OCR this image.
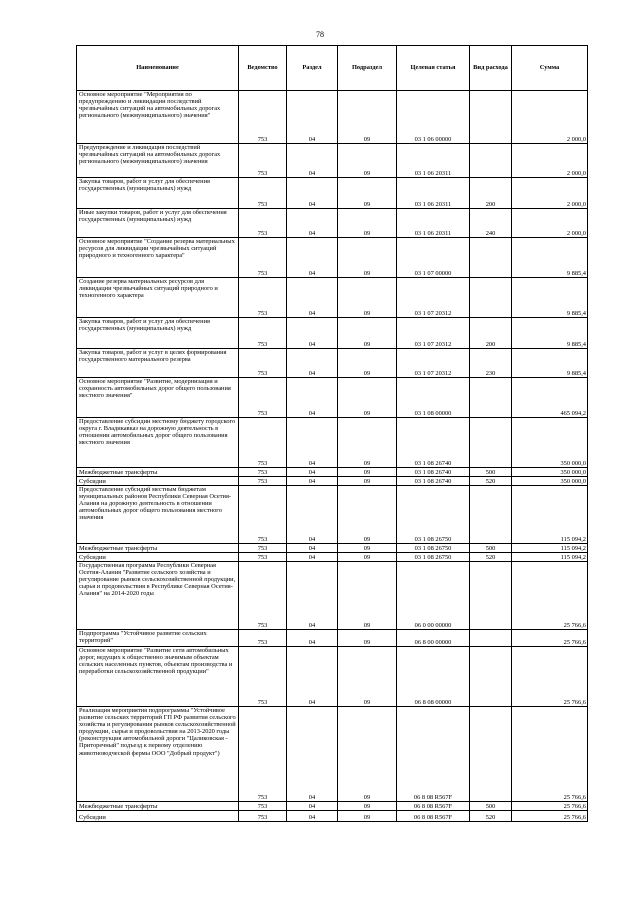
78
Наименование	Ведомство	Раздел	Подраздел	Целевая статья	Вид расхода	Сумма
Основное мероприятие "Мероприятия по предупреждению и ликвидации последствий чрезвычайных ситуаций на автомобильных дорогах регионального (межмуниципального) значения"	753	04	09	03 1 06 00000		2 000,0
Предупреждение и ликвидация последствий чрезвычайных ситуаций на автомобильных дорогах регионального (межмуниципального) значения	753	04	09	03 1 06 20311		2 000,0
Закупка товаров, работ и услуг для обеспечения государственных (муниципальных) нужд	753	04	09	03 1 06 20311	200	2 000,0
Иные закупки товаров, работ и услуг для обеспечения государственных (муниципальных) нужд	753	04	09	03 1 06 20311	240	2 000,0
Основное мероприятие "Создание резерва материальных ресурсов для ликвидации чрезвычайных ситуаций природного и техногенного характера"	753	04	09	03 1 07 00000		9 885,4
Создание резерва материальных ресурсов для ликвидации чрезвычайных ситуаций природного и техногенного характера	753	04	09	03 1 07 20312		9 885,4
Закупка товаров, работ и услуг для обеспечения государственных (муниципальных) нужд	753	04	09	03 1 07 20312	200	9 885,4
Закупка товаров, работ и услуг в целях формирования государственного материального резерва	753	04	09	03 1 07 20312	230	9 885,4
Основное мероприятие "Развитие, модернизация и сохранность автомобильных дорог общего пользования местного значения"	753	04	09	03 1 08 00000		465 094,2
Предоставление субсидии местному бюджету городского округа г. Владикавказ на дорожную деятельность в отношении автомобильных дорог общего пользования местного значения	753	04	09	03 1 08 26740		350 000,0
Межбюджетные трансферты	753	04	09	03 1 08 26740	500	350 000,0
Субсидии	753	04	09	03 1 08 26740	520	350 000,0
Предоставление субсидий местным бюджетам муниципальных районов Республики Северная Осетия-Алания на дорожную деятельность в отношении автомобильных дорог общего пользования местного значения	753	04	09	03 1 08 26750		115 094,2
Межбюджетные трансферты	753	04	09	03 1 08 26750	500	115 094,2
Субсидии	753	04	09	03 1 08 26750	520	115 094,2
Государственная программа Республики Северная Осетия-Алания "Развитие сельского хозяйства и регулирование рынков сельскохозяйственной продукции, сырья и продовольствия в Республике Северная Осетия-Алания" на 2014-2020 годы	753	04	09	06 0 00 00000		25 766,6
Подпрограмма "Устойчивое развитие сельских территорий"	753	04	09	06 8 00 00000		25 766,6
Основное мероприятие "Развитие сети автомобильных дорог, ведущих к общественно значимым объектам сельских населенных пунктов, объектам производства и переработки сельскохозяйственной продукции"	753	04	09	06 8 08 00000		25 766,6
Реализация мероприятия подпрограммы "Устойчивое развитие сельских территорий ГП РФ развития сельского хозяйства и регулирования рынков сельскохозяйственной продукции, сырья и продовольствия на 2013-2020 годы (реконструкция автомобильной дороги "Цаликовская - Приторечный" подъезд к первому отделению животноводческой фермы ООО "Добрый продукт")	753	04	09	06 8 08 R567F		25 766,6
Межбюджетные трансферты	753	04	09	06 8 08 R567F	500	25 766,6
Субсидии	753	04	09	06 8 08 R567F	520	25 766,6
